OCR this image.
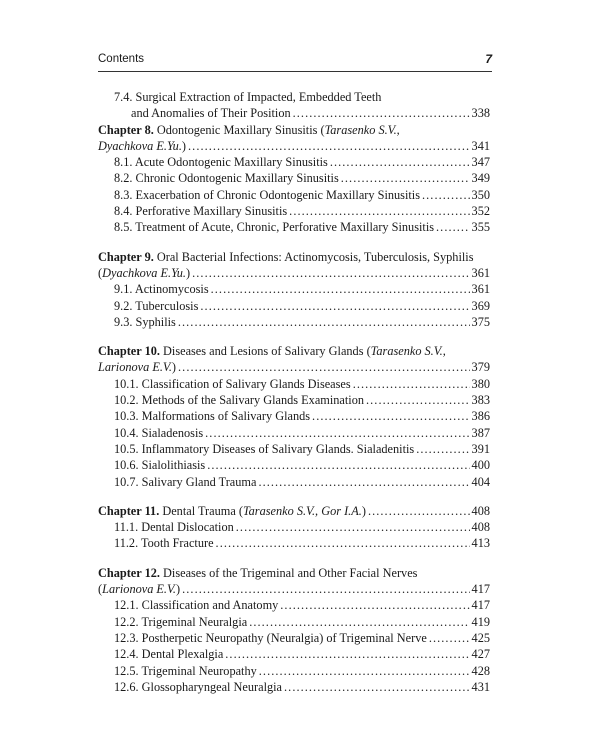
Contents	7
7.4. Surgical Extraction of Impacted, Embedded Teeth
and Anomalies of Their Position . . .	338
Chapter 8. Odontogenic Maxillary Sinusitis (Tarasenko S.V.,
Dyachkova E.Yu.) . . .	341
8.1. Acute Odontogenic Maxillary Sinusitis . . .	347
8.2. Chronic Odontogenic Maxillary Sinusitis . . .	349
8.3. Exacerbation of Chronic Odontogenic Maxillary Sinusitis . . .	350
8.4. Perforative Maxillary Sinusitis . . .	352
8.5. Treatment of Acute, Chronic, Perforative Maxillary Sinusitis . . .	355
Chapter 9. Oral Bacterial Infections: Actinomycosis, Tuberculosis, Syphilis
(Dyachkova E.Yu.) . . .	361
9.1. Actinomycosis . . .	361
9.2. Tuberculosis . . .	369
9.3. Syphilis . . .	375
Chapter 10. Diseases and Lesions of Salivary Glands (Tarasenko S.V.,
Larionova E.V.) . . .	379
10.1. Classification of Salivary Glands Diseases . . .	380
10.2. Methods of the Salivary Glands Examination . . .	383
10.3. Malformations of Salivary Glands . . .	386
10.4. Sialadenosis . . .	387
10.5. Inflammatory Diseases of Salivary Glands. Sialadenitis . . .	391
10.6. Sialolithiasis . . .	400
10.7. Salivary Gland Trauma . . .	404
Chapter 11. Dental Trauma (Tarasenko S.V., Gor I.A.) . . .	408
11.1. Dental Dislocation . . .	408
11.2. Tooth Fracture . . .	413
Chapter 12. Diseases of the Trigeminal and Other Facial Nerves
(Larionova E.V.) . . .	417
12.1. Classification and Anatomy . . .	417
12.2. Trigeminal Neuralgia . . .	419
12.3. Postherpetic Neuropathy (Neuralgia) of Trigeminal Nerve . . .	425
12.4. Dental Plexalgia . . .	427
12.5. Trigeminal Neuropathy . . .	428
12.6. Glossopharyngeal Neuralgia . . .	431
